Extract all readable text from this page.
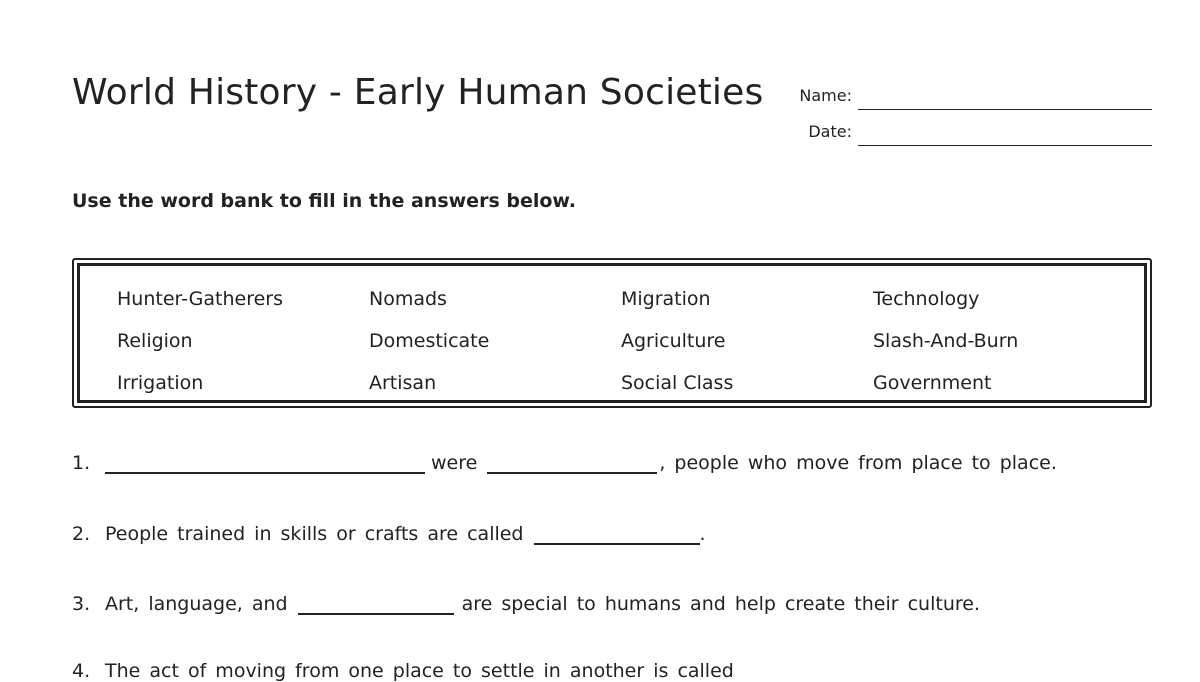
World History - Early Human Societies	Name:
Date:

Use the word bank to fill in the answers below.

Hunter-Gatherers	Nomads	Migration	Technology
Religion	Domesticate	Agriculture	Slash-And-Burn
Irrigation	Artisan	Social Class	Government
1.	were	, people who move from place to place.
2. People trained in skills or crafts are called	.
3. Art, language, and	are special to humans and help create their culture.
4. The act of moving from one place to settle in another is called
